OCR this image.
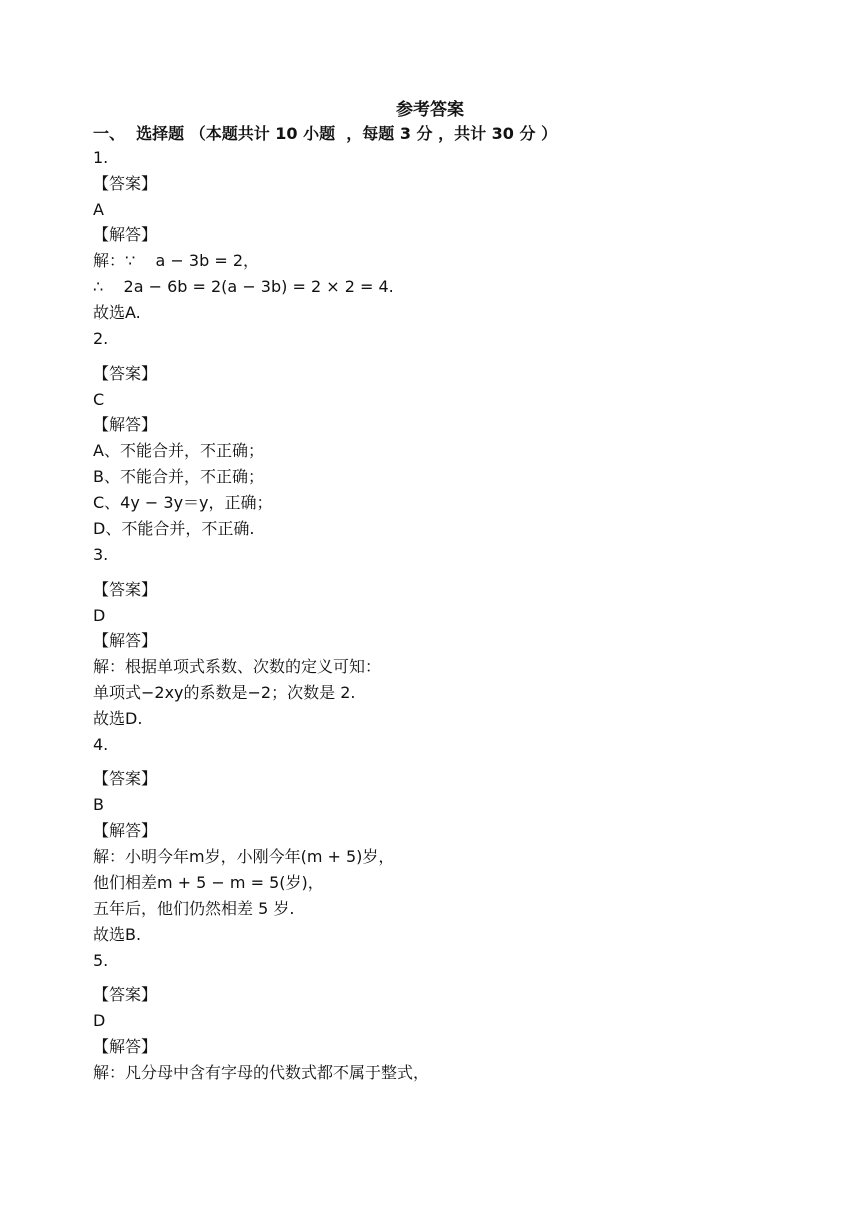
参考答案
一、  选择题 （本题共计 10 小题  ，每题 3 分 ，共计 30 分 ）
1.
【答案】
A
【解答】
解：∵    a − 3b = 2，
∴    2a − 6b = 2(a − 3b) = 2 × 2 = 4.
故选A.
2.
【答案】
C
【解答】
A、不能合并，不正确；
B、不能合并，不正确；
C、4y − 3y＝y，正确；
D、不能合并，不正确.
3.
【答案】
D
【解答】
解：根据单项式系数、次数的定义可知：
单项式−2xy的系数是−2；次数是 2.
故选D.
4.
【答案】
B
【解答】
解：小明今年m岁，小刚今年(m + 5)岁，
他们相差m + 5 − m = 5(岁)，
五年后，他们仍然相差 5 岁.
故选B.
5.
【答案】
D
【解答】
解：凡分母中含有字母的代数式都不属于整式，
